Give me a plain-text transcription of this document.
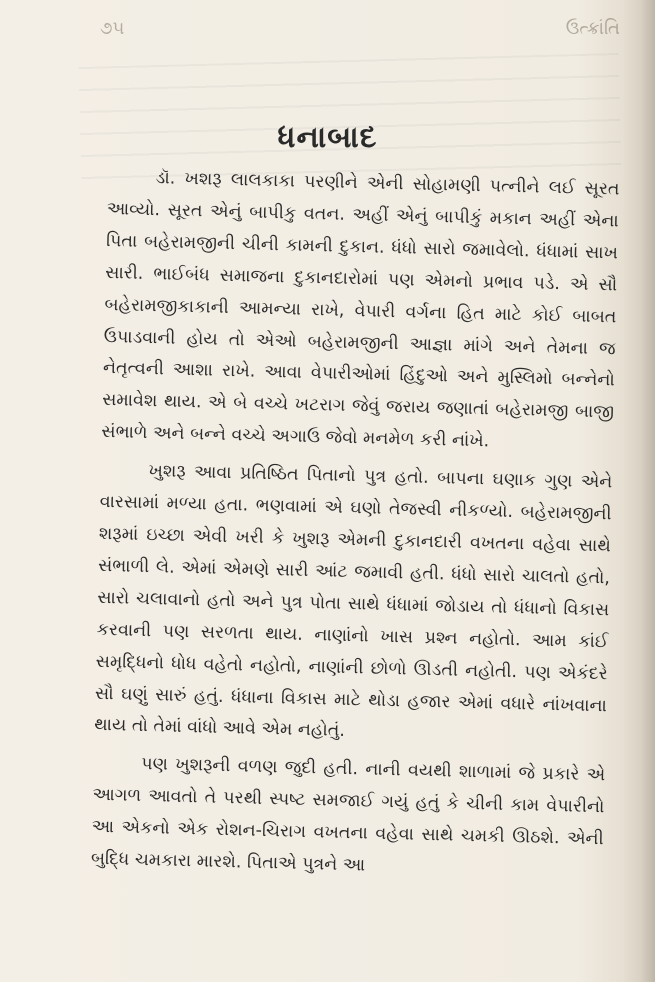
૭૫	ઉત્ક્રાંતિ
ધનાબાદ

ડૉ. ખશરૂ લાલકાકા પરણીને એની સોહામણી પત્નીને લઈ સૂરત આવ્યો. સૂરત એનું બાપીકુ વતન. અહીં એનું બાપીકું મકાન અહીં એના પિતા બહેરામજીની ચીની કામની દુકાન. ધંધો સારો જમાવેલો. ધંધામાં સાખ સારી. ભાઈબંધ સમાજના દુકાનદારોમાં પણ એમનો પ્રભાવ પડે. એ સૌ બહેરામજીકાકાની આમન્યા રાખે, વેપારી વર્ગના હિત માટે કોઈ બાબત ઉપાડવાની હોય તો એઓ બહેરામજીની આજ્ઞા માંગે અને તેમના જ નેતૃત્વની આશા રાખે. આવા વેપારીઓમાં હિંદુઓ અને મુસ્લિમો બન્નેનો સમાવેશ થાય. એ બે વચ્ચે ખટરાગ જેવું જરાય જણાતાં બહેરામજી બાજી સંભાળે અને બન્ને વચ્ચે અગાઉ જેવો મનમેળ કરી નાંખે.

ખુશરૂ આવા પ્રતિષ્ઠિત પિતાનો પુત્ર હતો. બાપના ઘણાક ગુણ એને વારસામાં મળ્યા હતા. ભણવામાં એ ઘણો તેજસ્વી નીકળ્યો. બહેરામજીની શરૂમાં ઇચ્છા એવી ખરી કે ખુશરૂ એમની દુકાનદારી વખતના વહેવા સાથે સંભાળી લે. એમાં એમણે સારી આંટ જમાવી હતી. ધંધો સારો ચાલતો હતો, સારો ચલાવાનો હતો અને પુત્ર પોતા સાથે ધંધામાં જોડાય તો ધંધાનો વિકાસ કરવાની પણ સરળતા થાય. નાણાંનો ખાસ પ્રશ્ન નહોતો. આમ કાંઈ સમૃદ્ધિનો ધોધ વહેતો નહોતો, નાણાંની છોળો ઊડતી નહોતી. પણ એકંદરે સૌ ઘણું સારું હતું. ધંધાના વિકાસ માટે થોડા હજાર એમાં વધારે નાંખવાના થાય તો તેમાં વાંધો આવે એમ નહોતું.

પણ ખુશરૂની વળણ જુદી હતી. નાની વયથી શાળામાં જે પ્રકારે એ આગળ આવતો તે પરથી સ્પષ્ટ સમજાઈ ગયું હતું કે ચીની કામ વેપારીનો આ એકનો એક રોશન-ચિરાગ વખતના વહેવા સાથે ચમકી ઊઠશે. એની બુદ્ધિ ચમકારા મારશે. પિતાએ પુત્રને આ
